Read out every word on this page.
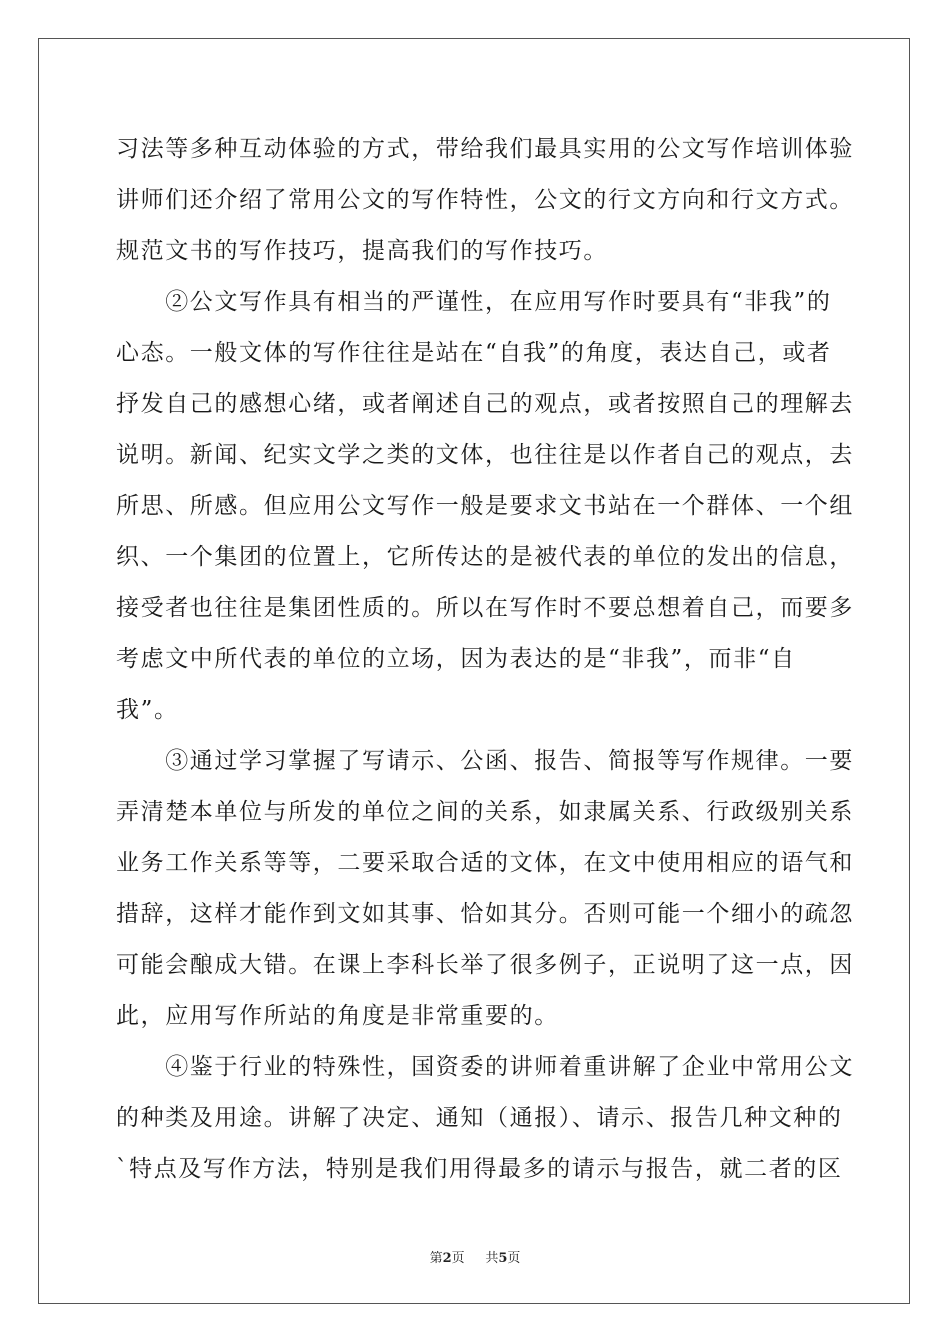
习法等多种互动体验的方式，带给我们最具实用的公文写作培训体验
讲师们还介绍了常用公文的写作特性，公文的行文方向和行文方式。
规范文书的写作技巧，提高我们的写作技巧。
　　②公文写作具有相当的严谨性，在应用写作时要具有“非我”的
心态。一般文体的写作往往是站在“自我”的角度，表达自己，或者
抒发自己的感想心绪，或者阐述自己的观点，或者按照自己的理解去
说明。新闻、纪实文学之类的文体，也往往是以作者自己的观点，去
所思、所感。但应用公文写作一般是要求文书站在一个群体、一个组
织、一个集团的位置上，它所传达的是被代表的单位的发出的信息，
接受者也往往是集团性质的。所以在写作时不要总想着自己，而要多
考虑文中所代表的单位的立场，因为表达的是“非我”，而非“自
我”。
　　③通过学习掌握了写请示、公函、报告、简报等写作规律。一要
弄清楚本单位与所发的单位之间的关系，如隶属关系、行政级别关系
业务工作关系等等，二要采取合适的文体，在文中使用相应的语气和
措辞，这样才能作到文如其事、恰如其分。否则可能一个细小的疏忽
可能会酿成大错。在课上李科长举了很多例子，正说明了这一点，因
此，应用写作所站的角度是非常重要的。
　　④鉴于行业的特殊性，国资委的讲师着重讲解了企业中常用公文
的种类及用途。讲解了决定、通知（通报）、请示、报告几种文种的
`特点及写作方法，特别是我们用得最多的请示与报告，就二者的区
第2页 共5页
